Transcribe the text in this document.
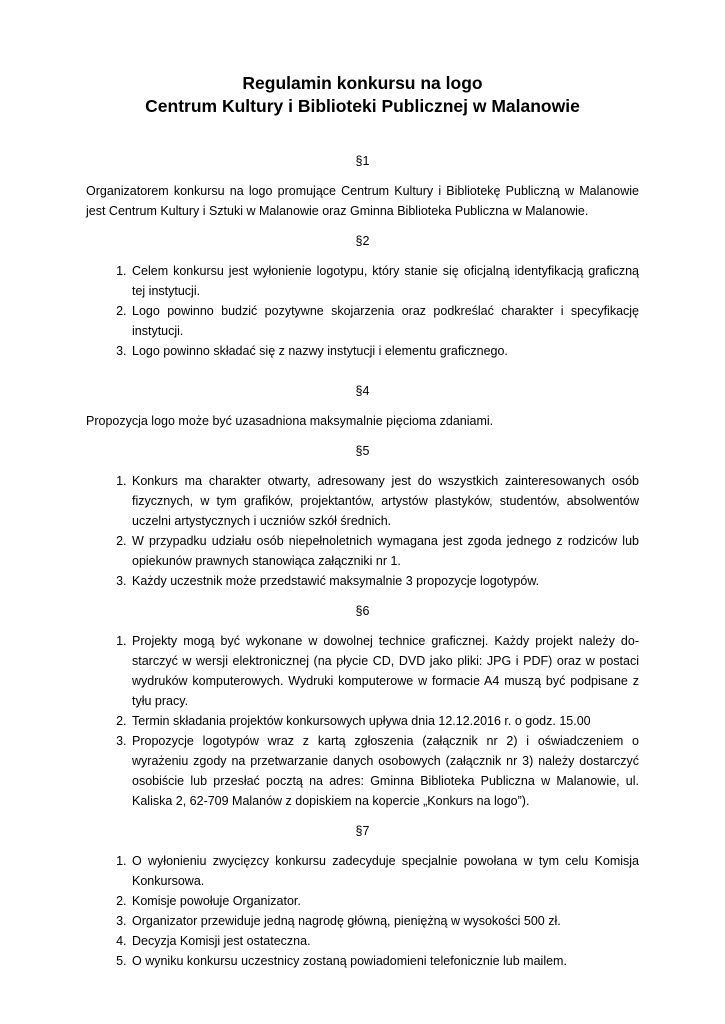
Regulamin konkursu na logo
Centrum Kultury i Biblioteki Publicznej w Malanowie
§1

Organizatorem konkursu na logo promujące Centrum Kultury i Bibliotekę Publiczną w Malanowie jest Centrum Kultury i Sztuki w Malanowie oraz Gminna Biblioteka Publiczna w Malanowie.

§2
1. Celem konkursu jest wyłonienie logotypu, który stanie się oficjalną identyfikacją graficzną tej instytucji.
2. Logo powinno budzić pozytywne skojarzenia oraz podkreślać charakter i specyfikację instytucji.
3. Logo powinno składać się z nazwy instytucji i elementu graficznego.
§4

Propozycja logo może być uzasadniona maksymalnie pięcioma zdaniami.

§5
1. Konkurs ma charakter otwarty, adresowany jest do wszystkich zainteresowanych osób fizycznych, w tym grafików, projektantów, artystów plastyków, studentów, absolwentów uczelni artystycznych i uczniów szkół średnich.
2. W przypadku udziału osób niepełnoletnich wymagana jest zgoda jednego z rodziców lub opiekunów prawnych stanowiąca załączniki nr 1.
3. Każdy uczestnik może przedstawić maksymalnie 3 propozycje logotypów.
§6
1. Projekty mogą być wykonane w dowolnej technice graficznej. Każdy projekt należy do-starczyć w wersji elektronicznej (na płycie CD, DVD jako pliki: JPG i PDF) oraz w postaci wydruków komputerowych. Wydruki komputerowe w formacie A4 muszą być podpisane z tyłu pracy.
2. Termin składania projektów konkursowych upływa dnia 12.12.2016 r. o godz. 15.00
3. Propozycje logotypów wraz z kartą zgłoszenia (załącznik nr 2) i oświadczeniem o wyrażeniu zgody na przetwarzanie danych osobowych (załącznik nr 3) należy dostarczyć osobiście lub przesłać pocztą na adres: Gminna Biblioteka Publiczna w Malanowie, ul. Kaliska 2, 62-709 Malanów z dopiskiem na kopercie „Konkurs na logo”).
§7
1. O wyłonieniu zwycięzcy konkursu zadecyduje specjalnie powołana w tym celu Komisja Konkursowa.
2. Komisje powołuje Organizator.
3. Organizator przewiduje jedną nagrodę główną, pieniężną w wysokości 500 zł.
4. Decyzja Komisji jest ostateczna.
5. O wyniku konkursu uczestnicy zostaną powiadomieni telefonicznie lub mailem.
